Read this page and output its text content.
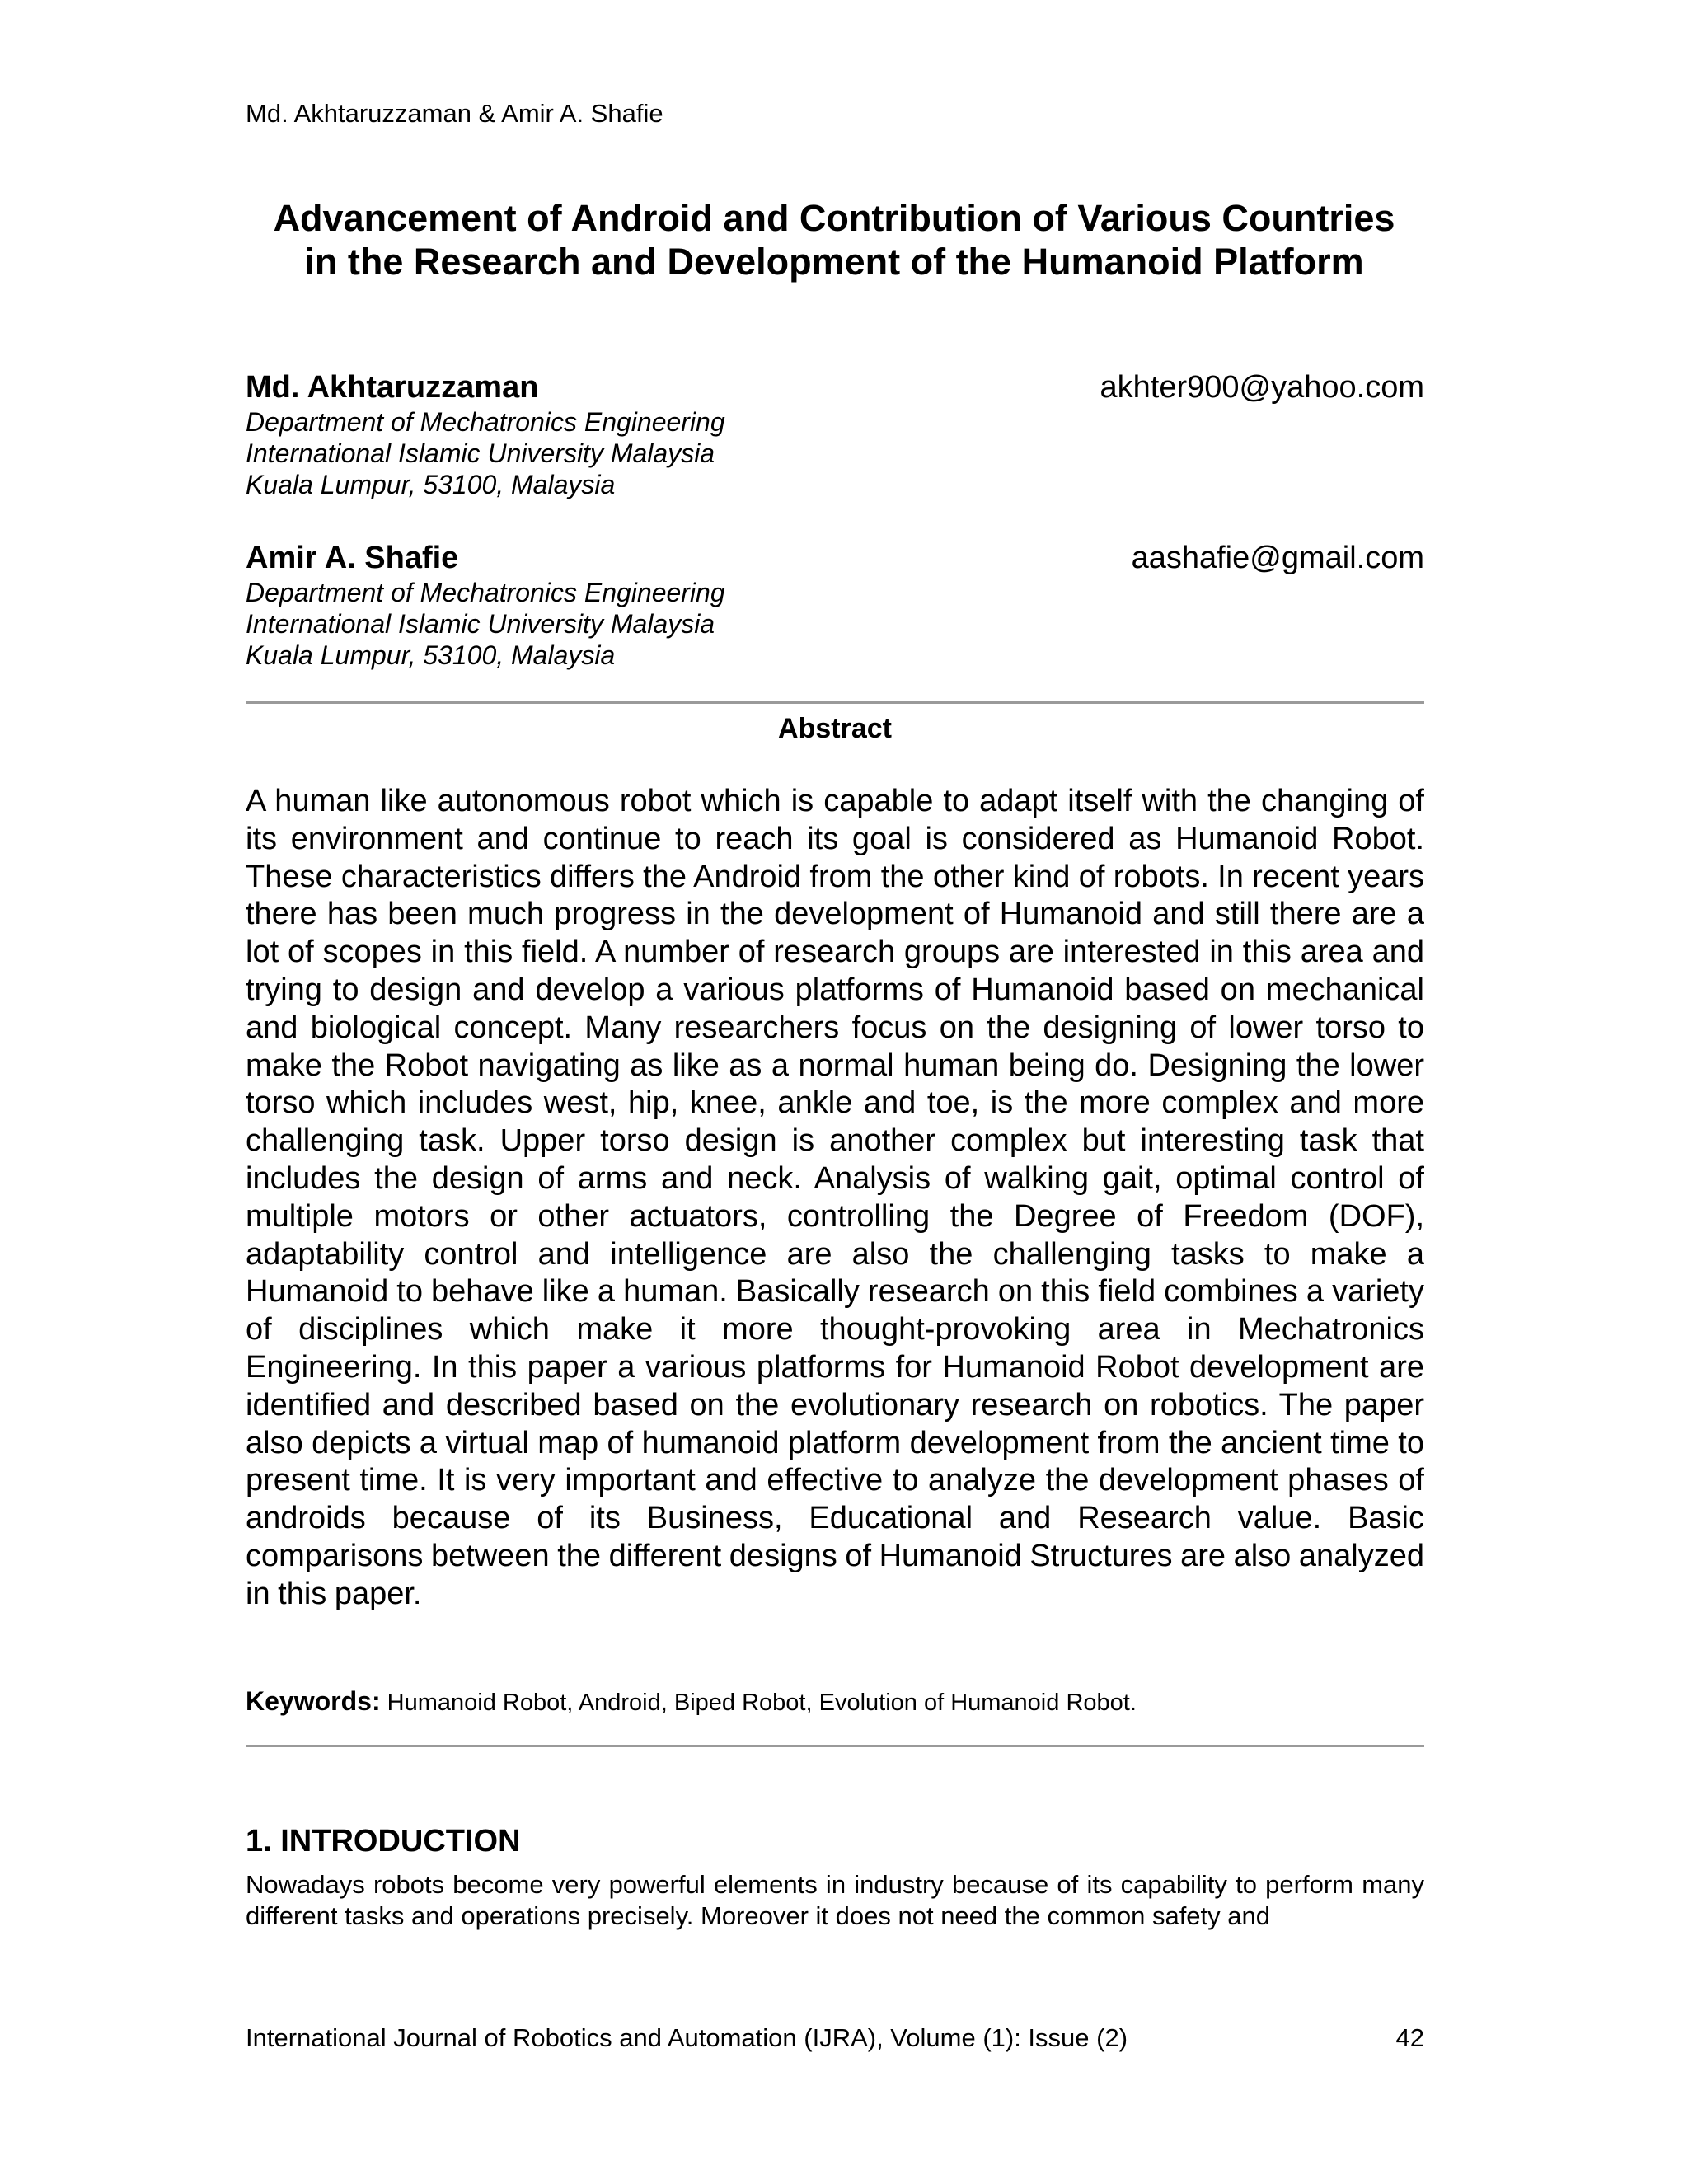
Md. Akhtaruzzaman & Amir A. Shafie
Advancement of Android and Contribution of Various Countries
in the Research and Development of the Humanoid Platform
Md. Akhtaruzzaman	akhter900@yahoo.com
Department of Mechatronics Engineering
International Islamic University Malaysia
Kuala Lumpur, 53100, Malaysia
Amir A. Shafie	aashafie@gmail.com
Department of Mechatronics Engineering
International Islamic University Malaysia
Kuala Lumpur, 53100, Malaysia
Abstract
A human like autonomous robot which is capable to adapt itself with the changing of its environment and continue to reach its goal is considered as Humanoid Robot. These characteristics differs the Android from the other kind of robots. In recent years there has been much progress in the development of Humanoid and still there are a lot of scopes in this field. A number of research groups are interested in this area and trying to design and develop a various platforms of Humanoid based on mechanical and biological concept. Many researchers focus on the designing of lower torso to make the Robot navigating as like as a normal human being do. Designing the lower torso which includes west, hip, knee, ankle and toe, is the more complex and more challenging task. Upper torso design is another complex but interesting task that includes the design of arms and neck. Analysis of walking gait, optimal control of multiple motors or other actuators, controlling the Degree of Freedom (DOF), adaptability control and intelligence are also the challenging tasks to make a Humanoid to behave like a human. Basically research on this field combines a variety of disciplines which make it more thought-provoking area in Mechatronics Engineering. In this paper a various platforms for Humanoid Robot development are identified and described based on the evolutionary research on robotics. The paper also depicts a virtual map of humanoid platform development from the ancient time to present time. It is very important and effective to analyze the development phases of androids because of its Business, Educational and Research value. Basic comparisons between the different designs of Humanoid Structures are also analyzed in this paper.
Keywords: Humanoid Robot, Android, Biped Robot, Evolution of Humanoid Robot.
1. INTRODUCTION
Nowadays robots become very powerful elements in industry because of its capability to perform many different tasks and operations precisely. Moreover it does not need the common safety and
International Journal of Robotics and Automation (IJRA), Volume (1): Issue (2)	42
